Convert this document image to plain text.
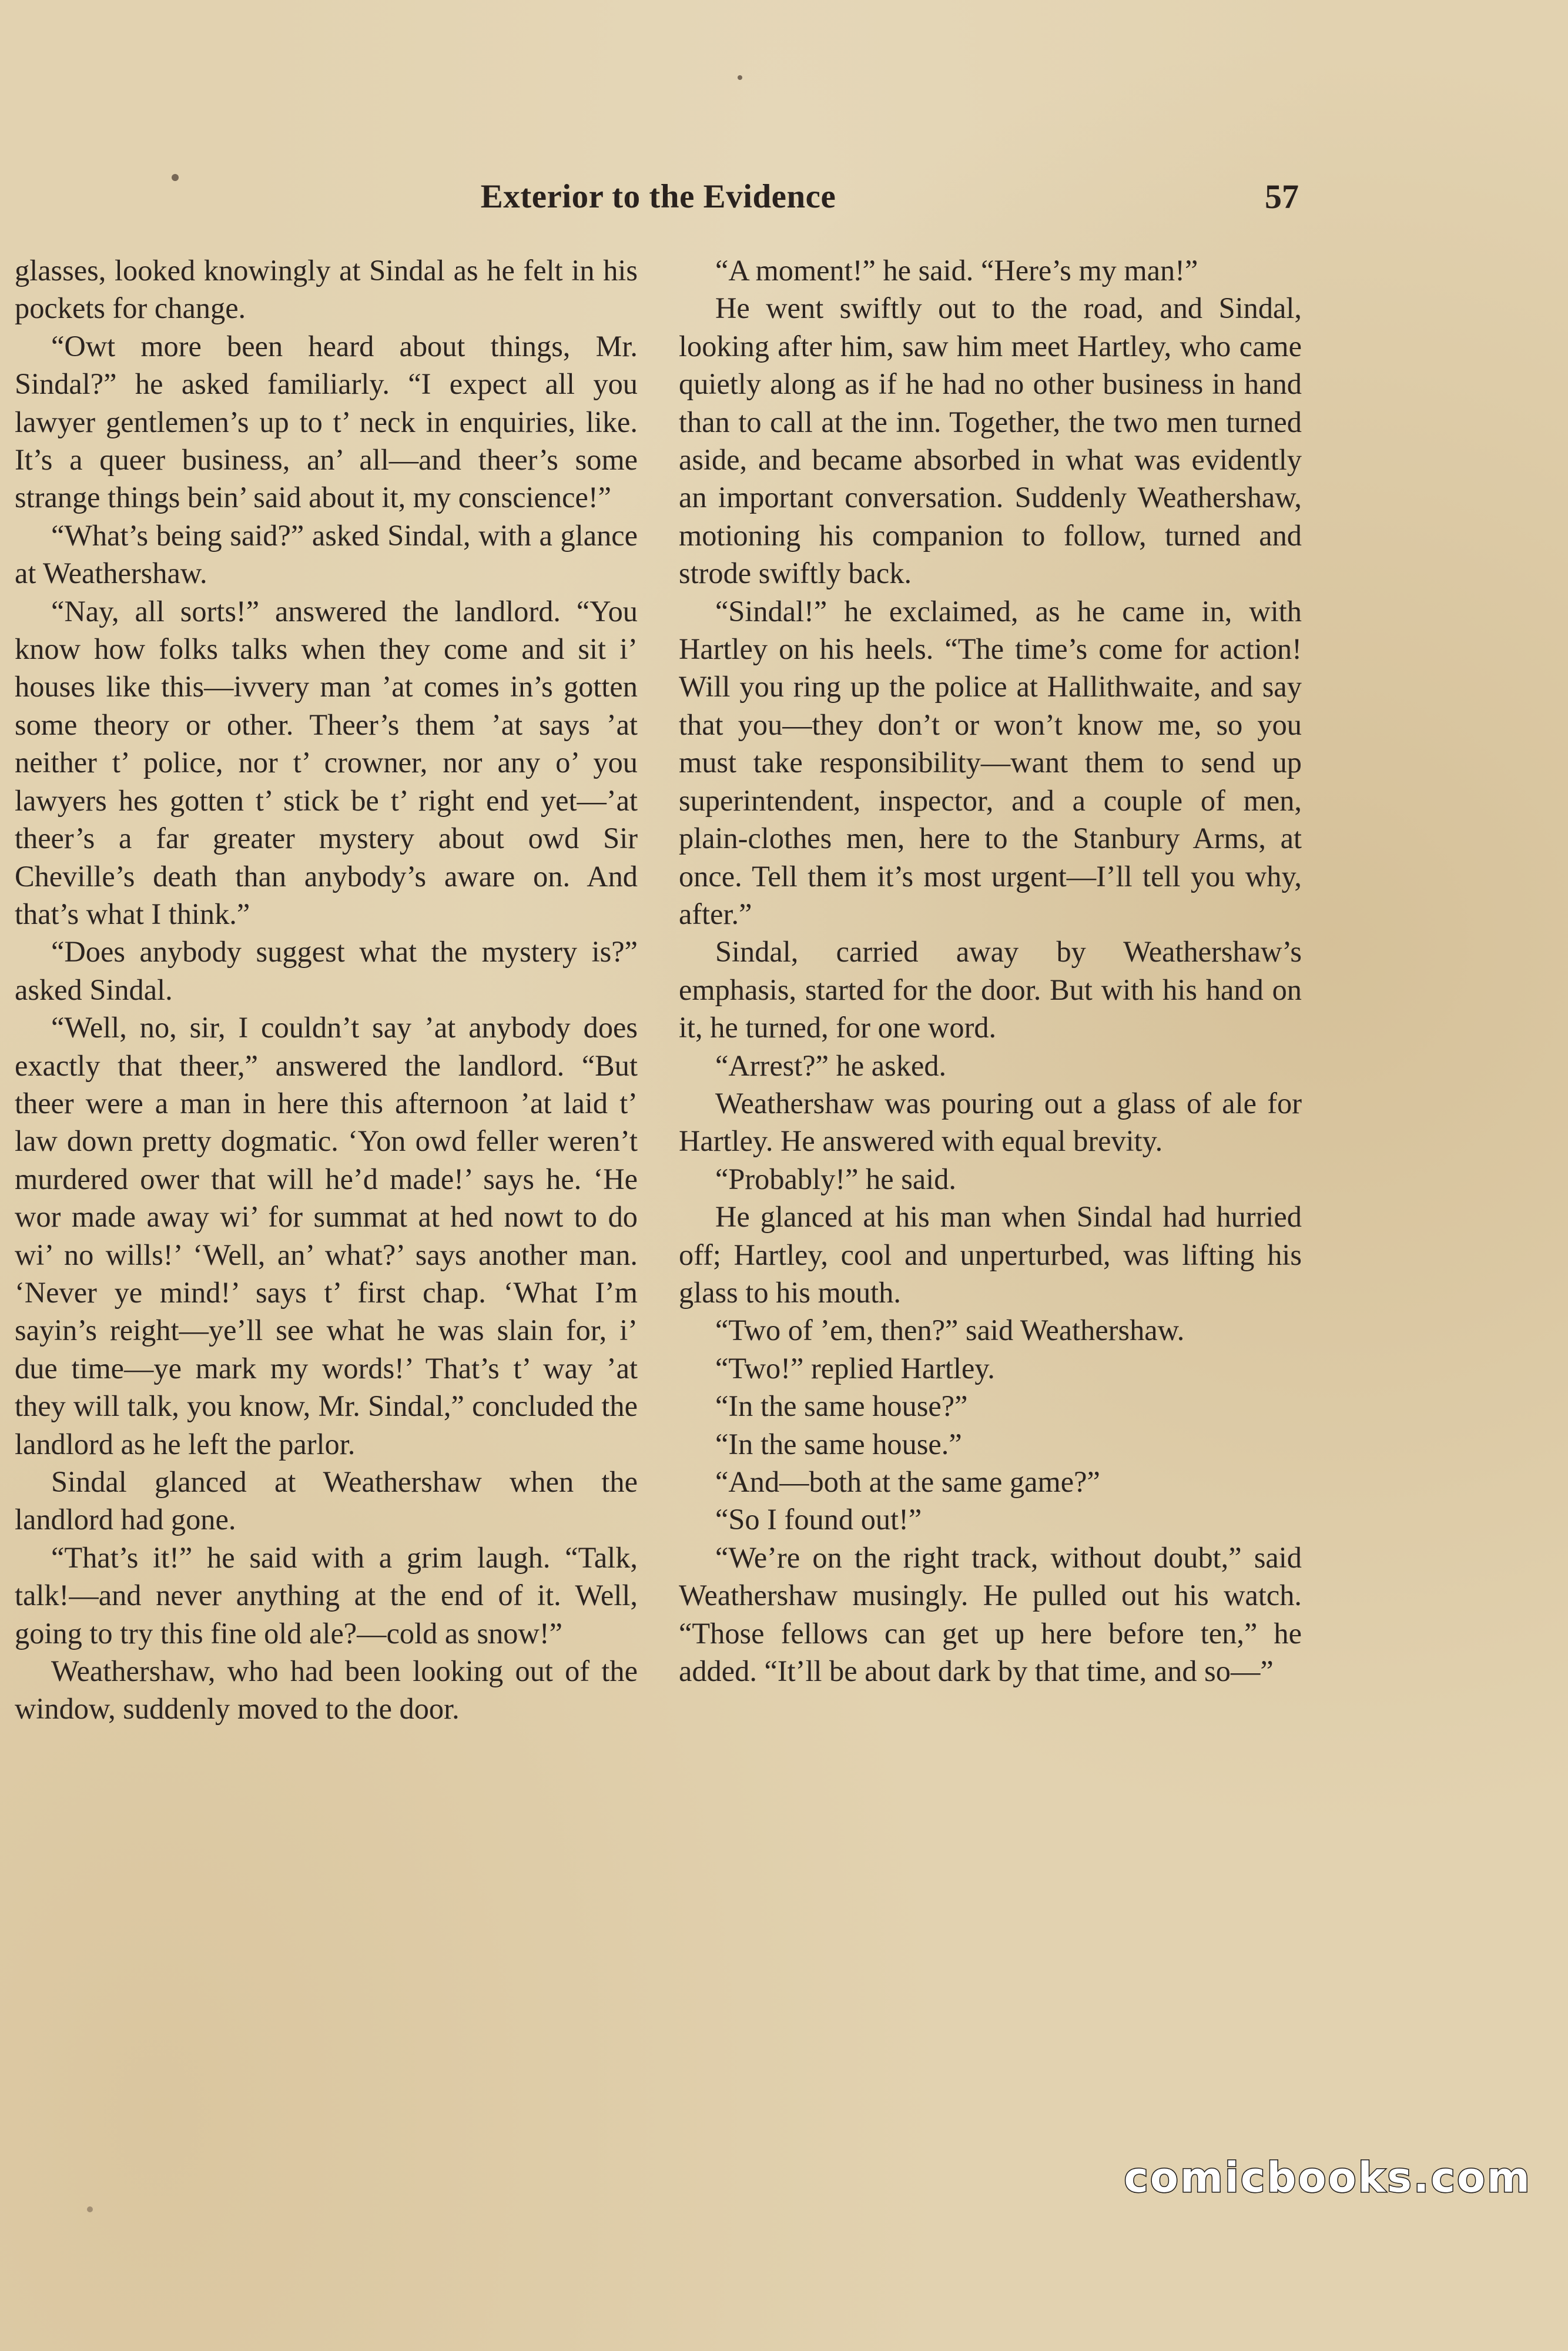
Exterior to the Evidence	57

glasses, looked knowingly at Sindal as he felt in his pockets for change.

“Owt more been heard about things, Mr. Sindal?” he asked familiarly. “I expect all you lawyer gentlemen’s up to t’ neck in enquiries, like. It’s a queer business, an’ all—and theer’s some strange things bein’ said about it, my conscience!”

“What’s being said?” asked Sindal, with a glance at Weathershaw.

“Nay, all sorts!” answered the landlord. “You know how folks talks when they come and sit i’ houses like this—ivvery man ’at comes in’s gotten some theory or other. Theer’s them ’at says ’at neither t’ police, nor t’ crowner, nor any o’ you lawyers hes gotten t’ stick be t’ right end yet—’at theer’s a far greater mystery about owd Sir Cheville’s death than anybody’s aware on. And that’s what I think.”

“Does anybody suggest what the mystery is?” asked Sindal.

“Well, no, sir, I couldn’t say ’at anybody does exactly that theer,” answered the landlord. “But theer were a man in here this afternoon ’at laid t’ law down pretty dogmatic. ‘Yon owd feller weren’t murdered ower that will he’d made!’ says he. ‘He wor made away wi’ for summat at hed nowt to do wi’ no wills!’ ‘Well, an’ what?’ says another man. ‘Never ye mind!’ says t’ first chap. ‘What I’m sayin’s reight—ye’ll see what he was slain for, i’ due time—ye mark my words!’ That’s t’ way ’at they will talk, you know, Mr. Sindal,” concluded the landlord as he left the parlor.

Sindal glanced at Weathershaw when the landlord had gone.

“That’s it!” he said with a grim laugh. “Talk, talk!—and never anything at the end of it. Well, going to try this fine old ale?—cold as snow!”

Weathershaw, who had been looking out of the window, suddenly moved to the door.

“A moment!” he said. “Here’s my man!”

He went swiftly out to the road, and Sindal, looking after him, saw him meet Hartley, who came quietly along as if he had no other business in hand than to call at the inn. Together, the two men turned aside, and became absorbed in what was evidently an important conversation. Suddenly Weathershaw, motioning his companion to follow, turned and strode swiftly back.

“Sindal!” he exclaimed, as he came in, with Hartley on his heels. “The time’s come for action! Will you ring up the police at Hallithwaite, and say that you—they don’t or won’t know me, so you must take responsibility—want them to send up superintendent, inspector, and a couple of men, plain-clothes men, here to the Stanbury Arms, at once. Tell them it’s most urgent—I’ll tell you why, after.”

Sindal, carried away by Weathershaw’s emphasis, started for the door. But with his hand on it, he turned, for one word.

“Arrest?” he asked.

Weathershaw was pouring out a glass of ale for Hartley. He answered with equal brevity.

“Probably!” he said.

He glanced at his man when Sindal had hurried off; Hartley, cool and unperturbed, was lifting his glass to his mouth.

“Two of ’em, then?” said Weathershaw.

“Two!” replied Hartley.

“In the same house?”

“In the same house.”

“And—both at the same game?”

“So I found out!”

“We’re on the right track, without doubt,” said Weathershaw musingly. He pulled out his watch. “Those fellows can get up here before ten,” he added. “It’ll be about dark by that time, and so—”

comicbooks.com
